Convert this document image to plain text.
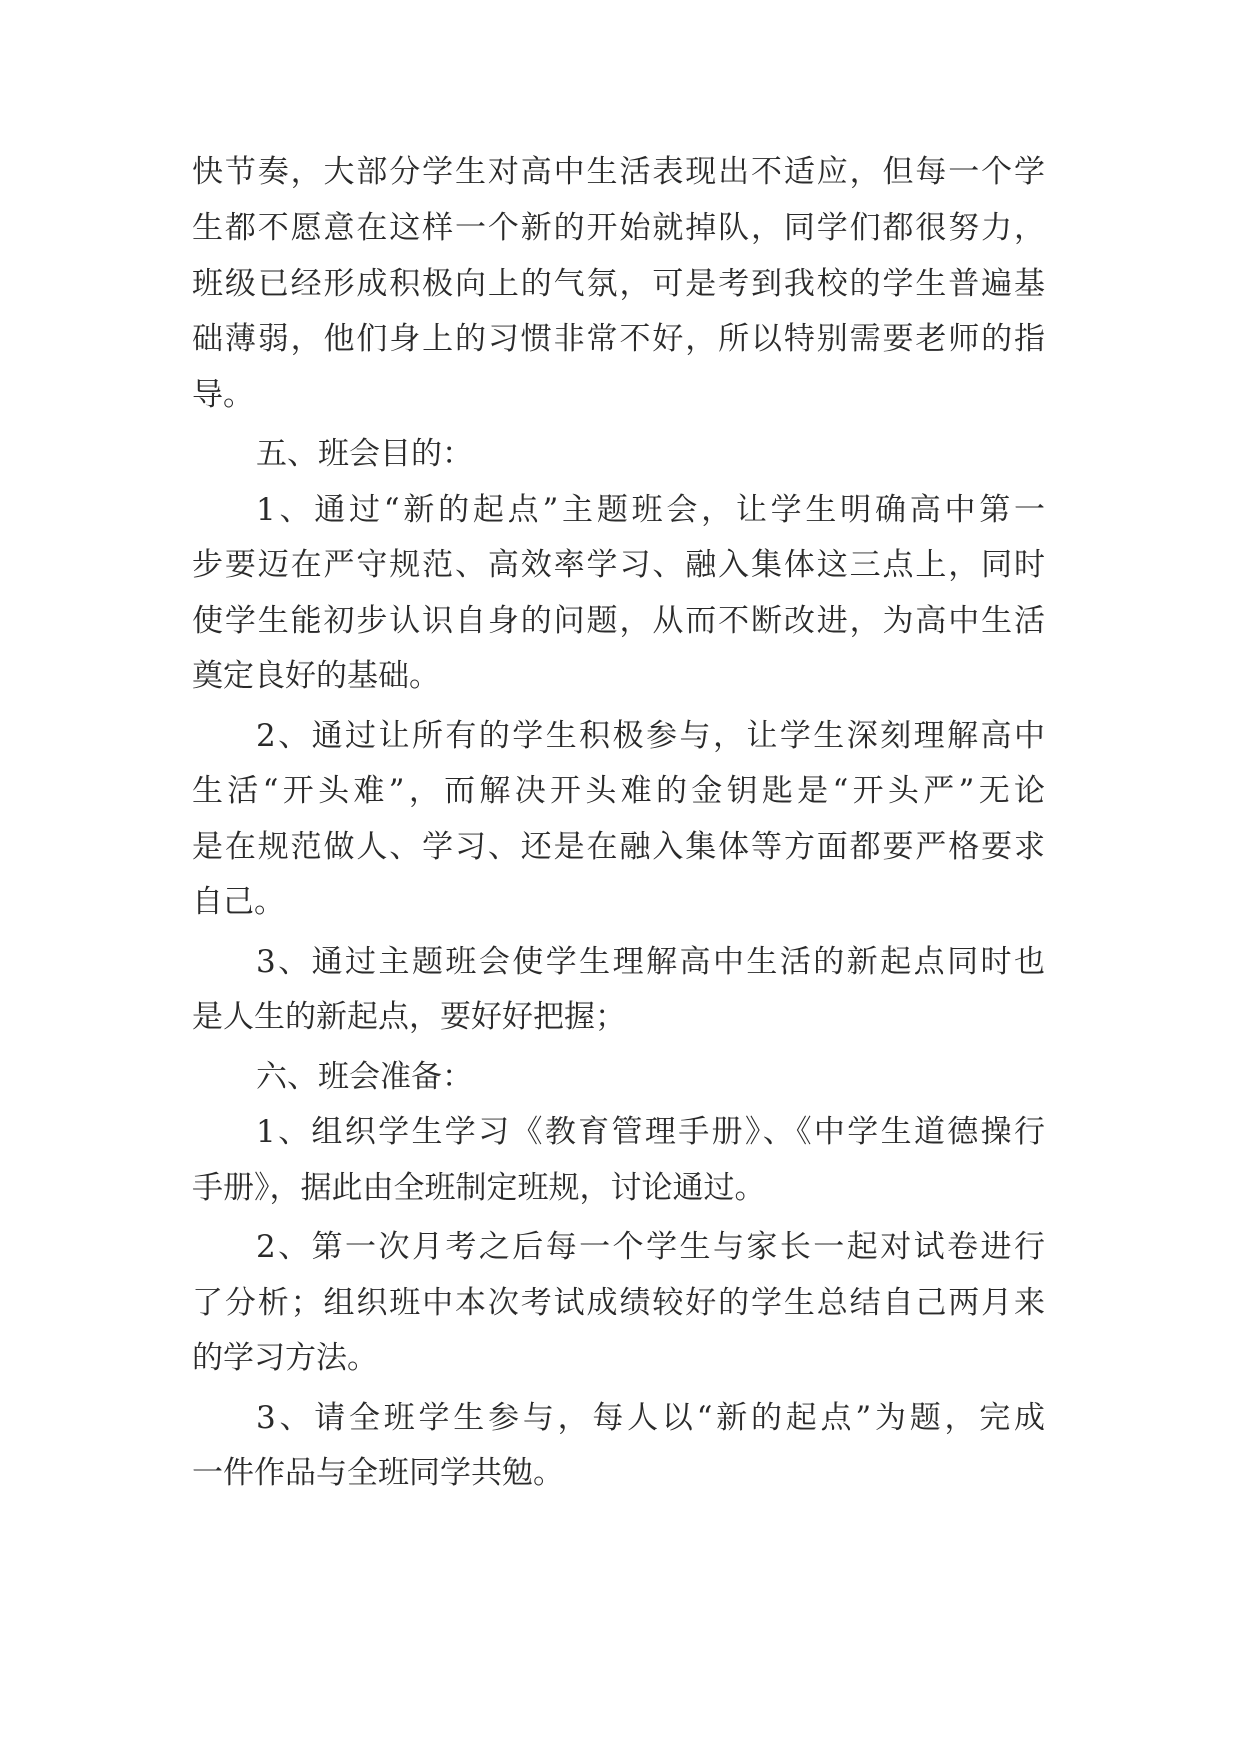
快节奏，大部分学生对高中生活表现出不适应，但每一个学

生都不愿意在这样一个新的开始就掉队，同学们都很努力，

班级已经形成积极向上的气氛，可是考到我校的学生普遍基

础薄弱，他们身上的习惯非常不好，所以特别需要老师的指

导。

五、班会目的：

1、通过“新的起点”主题班会，让学生明确高中第一

步要迈在严守规范、高效率学习、融入集体这三点上，同时

使学生能初步认识自身的问题，从而不断改进，为高中生活

奠定良好的基础。

2、通过让所有的学生积极参与，让学生深刻理解高中

生活“开头难”，而解决开头难的金钥匙是“开头严”无论

是在规范做人、学习、还是在融入集体等方面都要严格要求

自己。

3、通过主题班会使学生理解高中生活的新起点同时也

是人生的新起点，要好好把握；

六、班会准备：

1、组织学生学习《教育管理手册》、《中学生道德操行

手册》，据此由全班制定班规，讨论通过。

2、第一次月考之后每一个学生与家长一起对试卷进行

了分析；组织班中本次考试成绩较好的学生总结自己两月来

的学习方法。

3、请全班学生参与，每人以“新的起点”为题，完成

一件作品与全班同学共勉。
